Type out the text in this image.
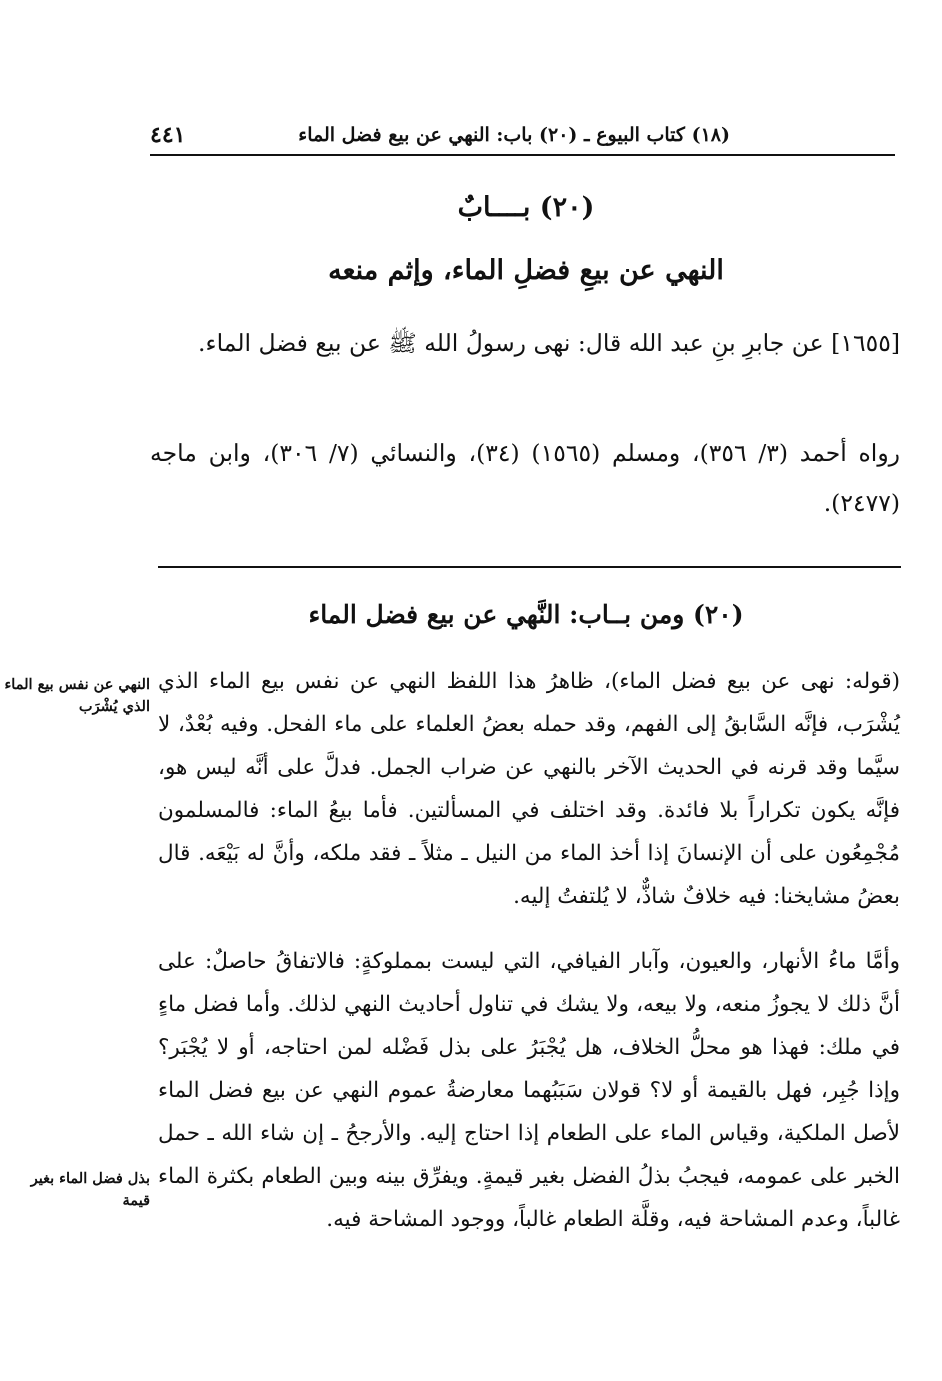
(١٨) كتاب البيوع ـ (٢٠) باب: النهي عن بيع فضل الماء
٤٤١
(٢٠) بــــابٌ
النهي عن بيعِ فضلِ الماء، وإثم منعه

[١٦٥٥] عن جابرِ بنِ عبد الله قال: نهى رسولُ الله ﷺ عن بيع فضل الماء.

رواه أحمد (٣/ ٣٥٦)، ومسلم (١٥٦٥) (٣٤)، والنسائي (٧/ ٣٠٦)، وابن ماجه (٢٤٧٧).

(٢٠) ومن بــاب: النَّهي عن بيع فضل الماء

(قوله: نهى عن بيع فضل الماء)، ظاهرُ هذا اللفظ النهي عن نفس بيع الماء الذي يُشْرَب، فإنَّه السَّابقُ إلى الفهم، وقد حمله بعضُ العلماء على ماء الفحل. وفيه بُعْدٌ، لا سيَّما وقد قرنه في الحديث الآخر بالنهي عن ضراب الجمل. فدلَّ على أنَّه ليس هو، فإنَّه يكون تكراراً بلا فائدة. وقد اختلف في المسألتين. فأما بيعُ الماء: فالمسلمون مُجْمِعُون على أن الإنسانَ إذا أخذ الماء من النيل ـ مثلاً ـ فقد ملكه، وأنَّ له بَيْعَه. قال بعضُ مشايخنا: فيه خلافٌ شاذٌّ، لا يُلتفتُ إليه.

وأمَّا ماءُ الأنهار، والعيون، وآبار الفيافي، التي ليست بمملوكةٍ: فالاتفاقُ حاصلٌ: على أنَّ ذلك لا يجوزُ منعه، ولا بيعه، ولا يشك في تناول أحاديث النهي لذلك. وأما فضل ماءٍ في ملك: فهذا هو محلُّ الخلاف، هل يُجْبَرُ على بذل فَضْله لمن احتاجه، أو لا يُجْبَر؟ وإذا جُبِر، فهل بالقيمة أو لا؟ قولان سَبَبُهما معارضةُ عموم النهي عن بيع فضل الماء لأصل الملكية، وقياس الماء على الطعام إذا احتاج إليه. والأرجحُ ـ إن شاء الله ـ حمل الخبر على عمومه، فيجبُ بذلُ الفضل بغير قيمةٍ. ويفرِّق بينه وبين الطعام بكثرة الماء غالباً، وعدم المشاحة فيه، وقلَّة الطعام غالباً، ووجود المشاحة فيه.

النهي عن نفس بيع الماء الذي يُشْرَب
بذل فضل الماء بغير قيمة
